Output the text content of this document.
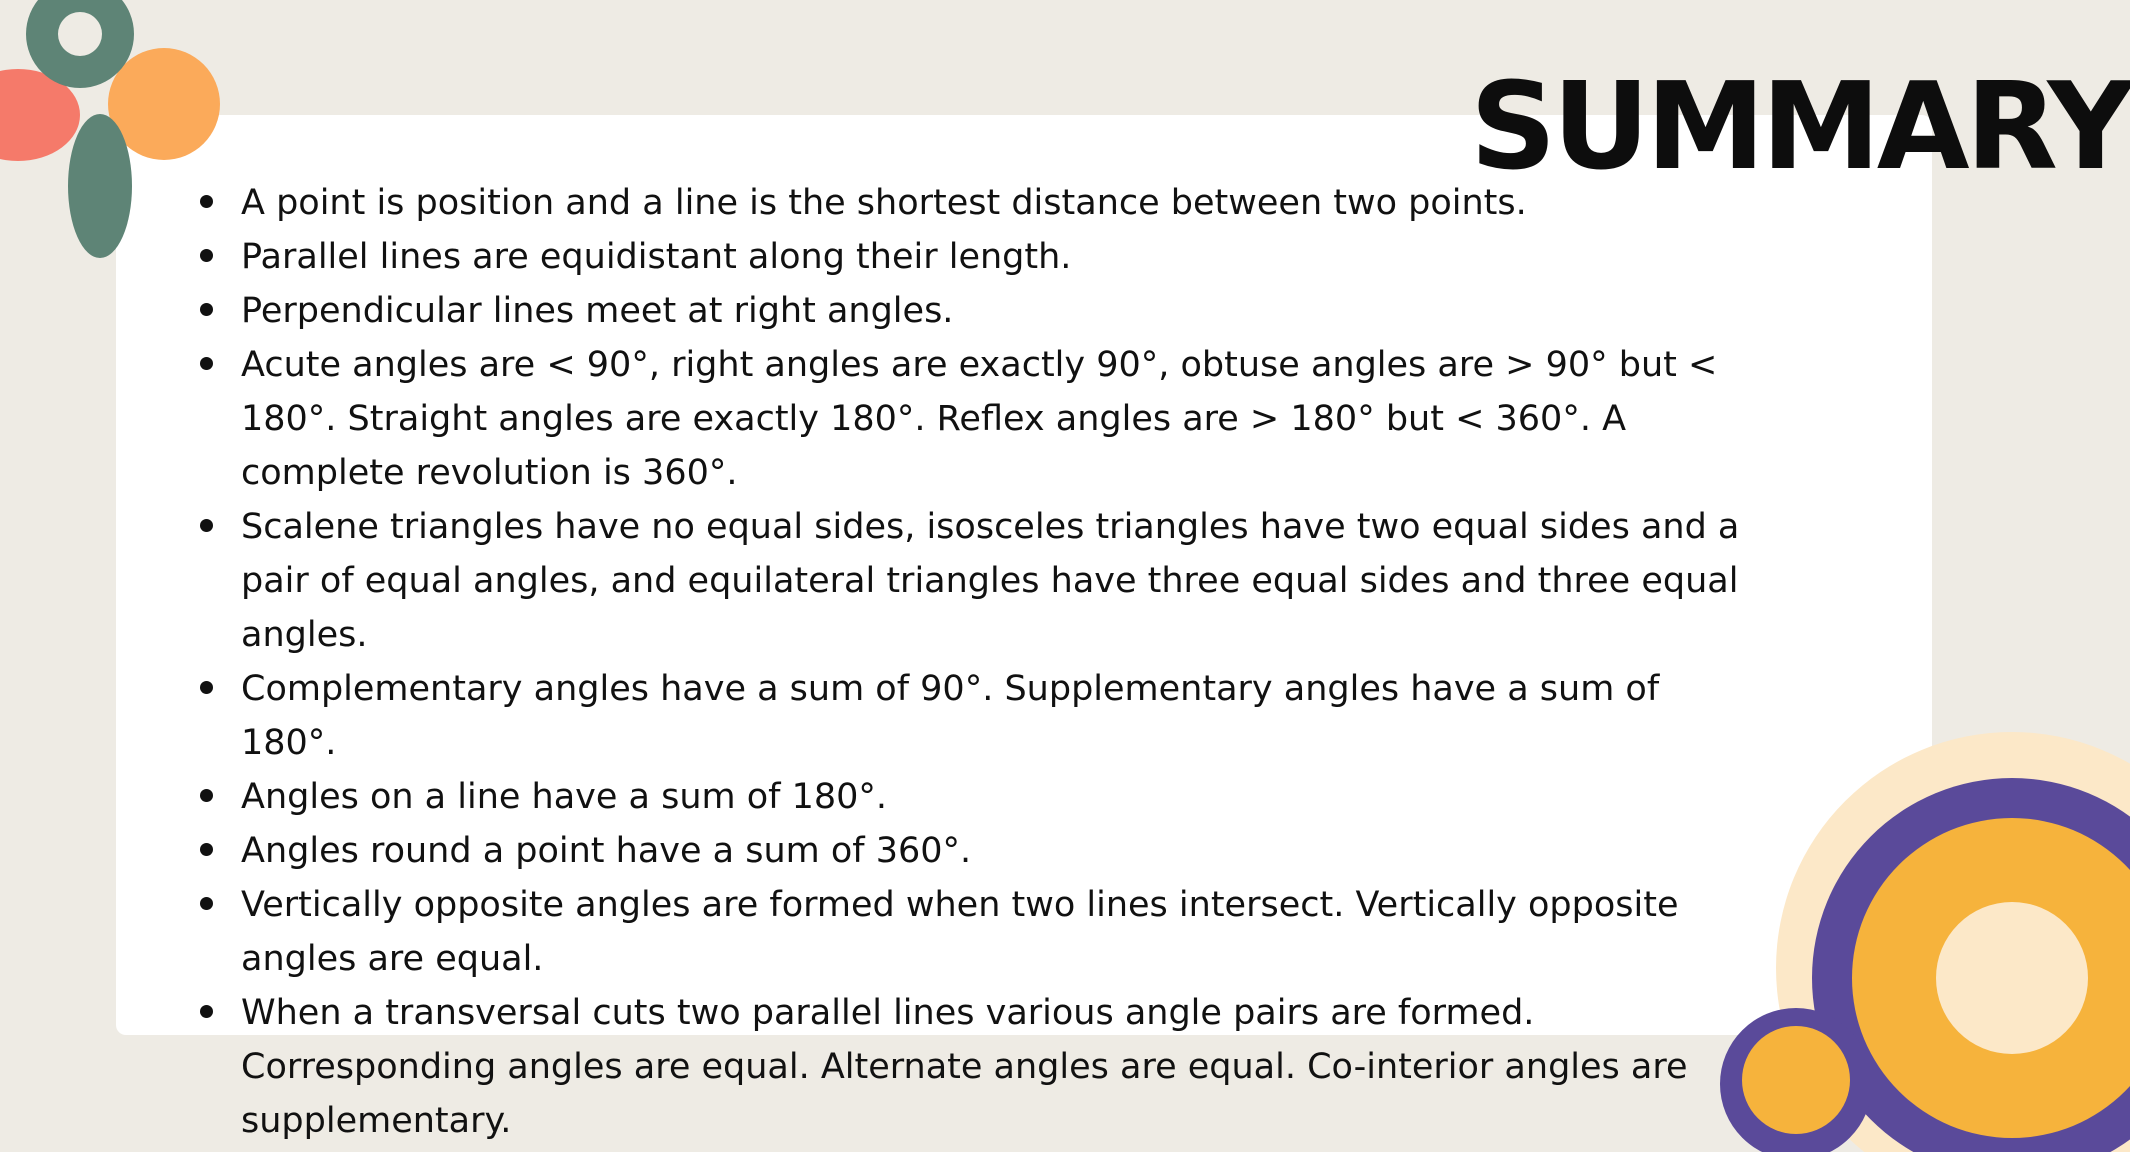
SUMMARY
A point is position and a line is the shortest distance between two points.
Parallel lines are equidistant along their length.
Perpendicular lines meet at right angles.
Acute angles are < 90°, right angles are exactly 90°, obtuse angles are > 90° but < 180°. Straight angles are exactly 180°. Reflex angles are > 180° but < 360°. A complete revolution is 360°.
Scalene triangles have no equal sides, isosceles triangles have two equal sides and a pair of equal angles, and equilateral triangles have three equal sides and three equal angles.
Complementary angles have a sum of 90°. Supplementary angles have a sum of 180°.
Angles on a line have a sum of 180°.
Angles round a point have a sum of 360°.
Vertically opposite angles are formed when two lines intersect. Vertically opposite angles are equal.
When a transversal cuts two parallel lines various angle pairs are formed. Corresponding angles are equal. Alternate angles are equal. Co-interior angles are supplementary.
